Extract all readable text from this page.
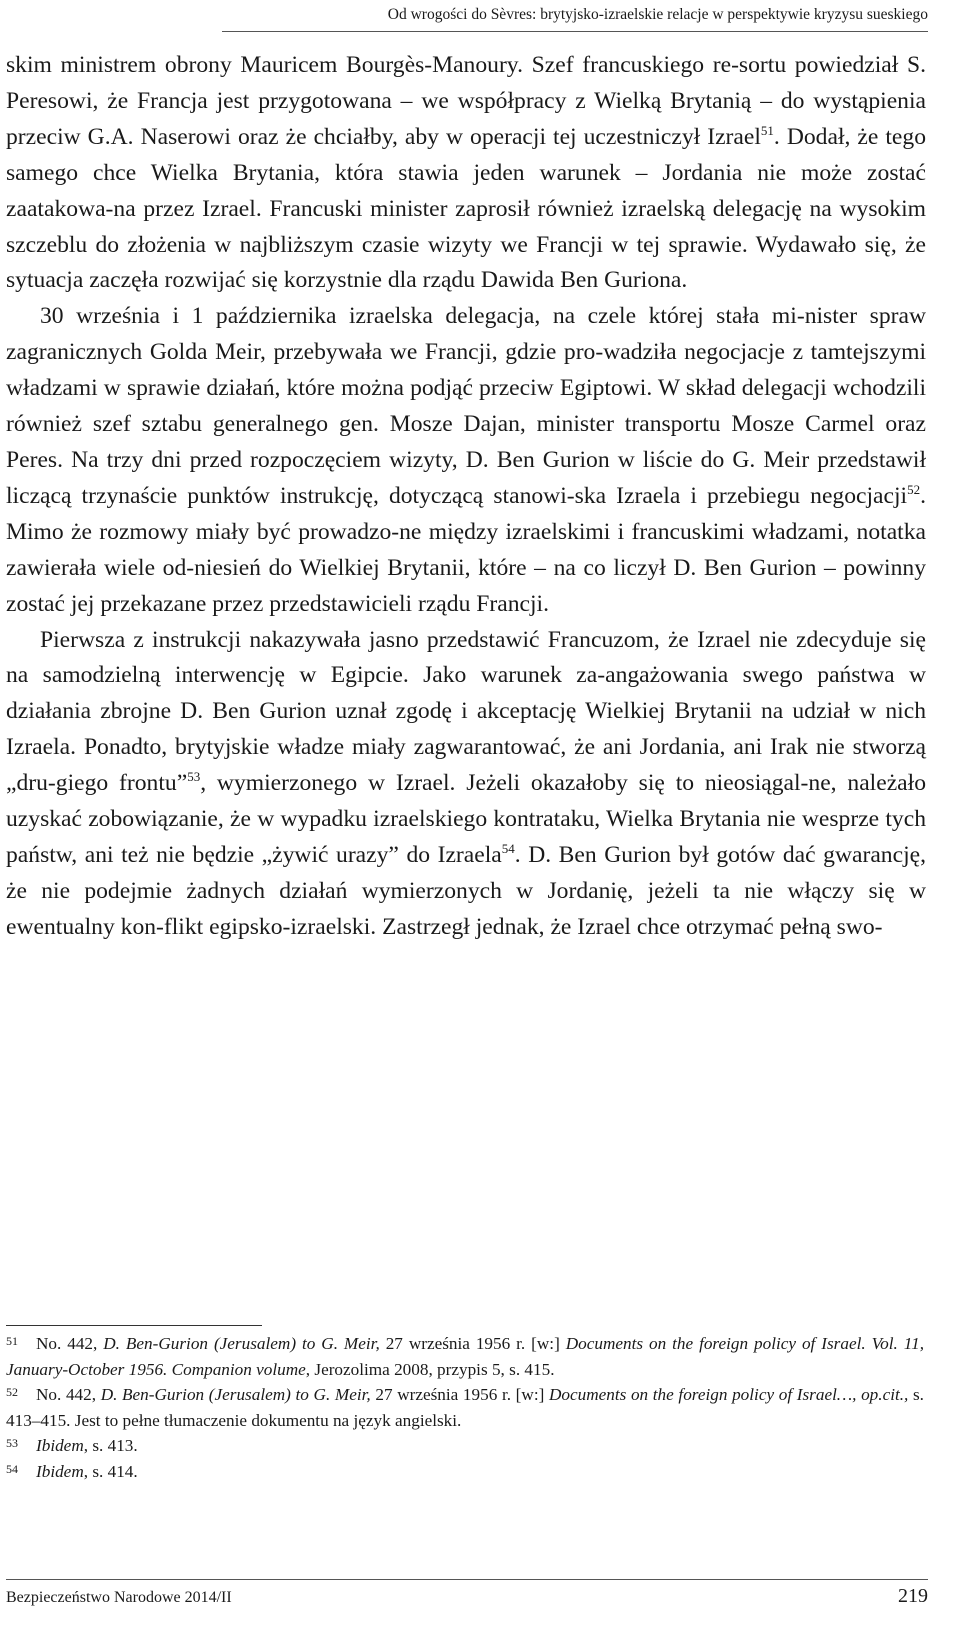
Od wrogości do Sèvres: brytyjsko-izraelskie relacje w perspektywie kryzysu sueskiego

skim ministrem obrony Mauricem Bourgès-Manoury. Szef francuskiego re-sortu powiedział S. Peresowi, że Francja jest przygotowana – we współpracy z Wielką Brytanią – do wystąpienia przeciw G.A. Naserowi oraz że chciałby, aby w operacji tej uczestniczył Izrael$^{51}$. Dodał, że tego samego chce Wielka Brytania, która stawia jeden warunek – Jordania nie może zostać zaatakowa-na przez Izrael. Francuski minister zaprosił również izraelską delegację na wysokim szczeblu do złożenia w najbliższym czasie wizyty we Francji w tej sprawie. Wydawało się, że sytuacja zaczęła rozwijać się korzystnie dla rządu Dawida Ben Guriona.

30 września i 1 października izraelska delegacja, na czele której stała mi-nister spraw zagranicznych Golda Meir, przebywała we Francji, gdzie pro-wadziła negocjacje z tamtejszymi władzami w sprawie działań, które można podjąć przeciw Egiptowi. W skład delegacji wchodzili również szef sztabu generalnego gen. Mosze Dajan, minister transportu Mosze Carmel oraz Peres. Na trzy dni przed rozpoczęciem wizyty, D. Ben Gurion w liście do G. Meir przedstawił liczącą trzynaście punktów instrukcję, dotyczącą stanowi-ska Izraela i przebiegu negocjacji$^{52}$. Mimo że rozmowy miały być prowadzo-ne między izraelskimi i francuskimi władzami, notatka zawierała wiele od-niesień do Wielkiej Brytanii, które – na co liczył D. Ben Gurion – powinny zostać jej przekazane przez przedstawicieli rządu Francji.

Pierwsza z instrukcji nakazywała jasno przedstawić Francuzom, że Izrael nie zdecyduje się na samodzielną interwencję w Egipcie. Jako warunek za-angażowania swego państwa w działania zbrojne D. Ben Gurion uznał zgodę i akceptację Wielkiej Brytanii na udział w nich Izraela. Ponadto, brytyjskie władze miały zagwarantować, że ani Jordania, ani Irak nie stworzą „dru-giego frontu”$^{53}$, wymierzonego w Izrael. Jeżeli okazałoby się to nieosiągal-ne, należało uzyskać zobowiązanie, że w wypadku izraelskiego kontrataku, Wielka Brytania nie wesprze tych państw, ani też nie będzie „żywić urazy” do Izraela$^{54}$. D. Ben Gurion był gotów dać gwarancję, że nie podejmie żadnych działań wymierzonych w Jordanię, jeżeli ta nie włączy się w ewentualny kon-flikt egipsko-izraelski. Zastrzegł jednak, że Izrael chce otrzymać pełną swo-

51 No. 442, D. Ben-Gurion (Jerusalem) to G. Meir, 27 września 1956 r. [w:] Documents on the foreign policy of Israel. Vol. 11, January-October 1956. Companion volume, Jerozolima 2008, przypis 5, s. 415.

52 No. 442, D. Ben-Gurion (Jerusalem) to G. Meir, 27 września 1956 r. [w:] Documents on the foreign policy of Israel…, op.cit., s. 413–415. Jest to pełne tłumaczenie dokumentu na język angielski.

53 Ibidem, s. 413.

54 Ibidem, s. 414.

Bezpieczeństwo Narodowe 2014/II	219
